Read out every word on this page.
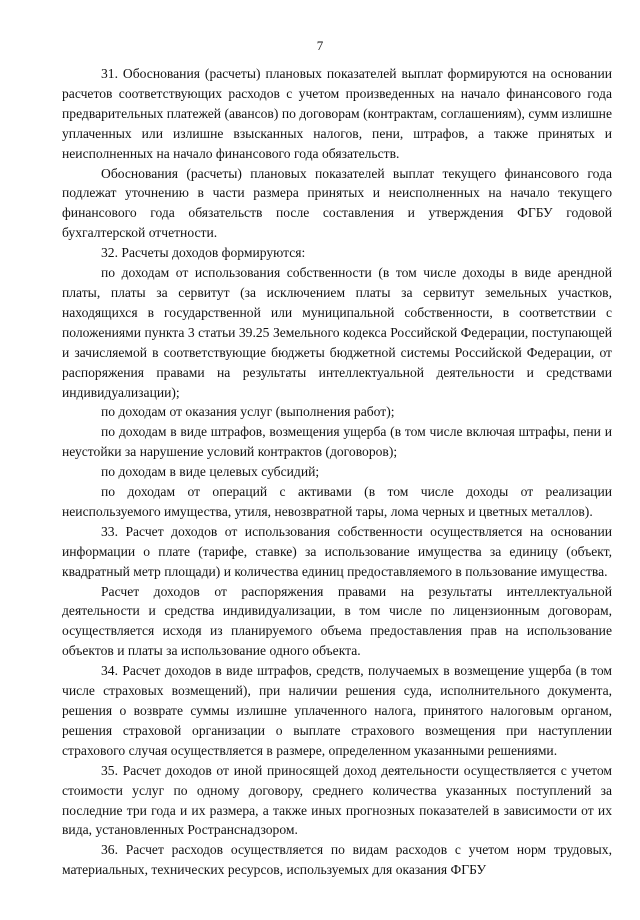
7

31. Обоснования (расчеты) плановых показателей выплат формируются на основании расчетов соответствующих расходов с учетом произведенных на начало финансового года предварительных платежей (авансов) по договорам (контрактам, соглашениям), сумм излишне уплаченных или излишне взысканных налогов, пени, штрафов, а также принятых и неисполненных на начало финансового года обязательств.

Обоснования (расчеты) плановых показателей выплат текущего финансового года подлежат уточнению в части размера принятых и неисполненных на начало текущего финансового года обязательств после составления и утверждения ФГБУ годовой бухгалтерской отчетности.

32. Расчеты доходов формируются:

по доходам от использования собственности (в том числе доходы в виде арендной платы, платы за сервитут (за исключением платы за сервитут земельных участков, находящихся в государственной или муниципальной собственности, в соответствии с положениями пункта 3 статьи 39.25 Земельного кодекса Российской Федерации, поступающей и зачисляемой в соответствующие бюджеты бюджетной системы Российской Федерации, от распоряжения правами на результаты интеллектуальной деятельности и средствами индивидуализации);

по доходам от оказания услуг (выполнения работ);

по доходам в виде штрафов, возмещения ущерба (в том числе включая штрафы, пени и неустойки за нарушение условий контрактов (договоров);

по доходам в виде целевых субсидий;

по доходам от операций с активами (в том числе доходы от реализации неиспользуемого имущества, утиля, невозвратной тары, лома черных и цветных металлов).

33. Расчет доходов от использования собственности осуществляется на основании информации о плате (тарифе, ставке) за использование имущества за единицу (объект, квадратный метр площади) и количества единиц предоставляемого в пользование имущества.

Расчет доходов от распоряжения правами на результаты интеллектуальной деятельности и средства индивидуализации, в том числе по лицензионным договорам, осуществляется исходя из планируемого объема предоставления прав на использование объектов и платы за использование одного объекта.

34. Расчет доходов в виде штрафов, средств, получаемых в возмещение ущерба (в том числе страховых возмещений), при наличии решения суда, исполнительного документа, решения о возврате суммы излишне уплаченного налога, принятого налоговым органом, решения страховой организации о выплате страхового возмещения при наступлении страхового случая осуществляется в размере, определенном указанными решениями.

35. Расчет доходов от иной приносящей доход деятельности осуществляется с учетом стоимости услуг по одному договору, среднего количества указанных поступлений за последние три года и их размера, а также иных прогнозных показателей в зависимости от их вида, установленных Ространснадзором.

36. Расчет расходов осуществляется по видам расходов с учетом норм трудовых, материальных, технических ресурсов, используемых для оказания ФГБУ
